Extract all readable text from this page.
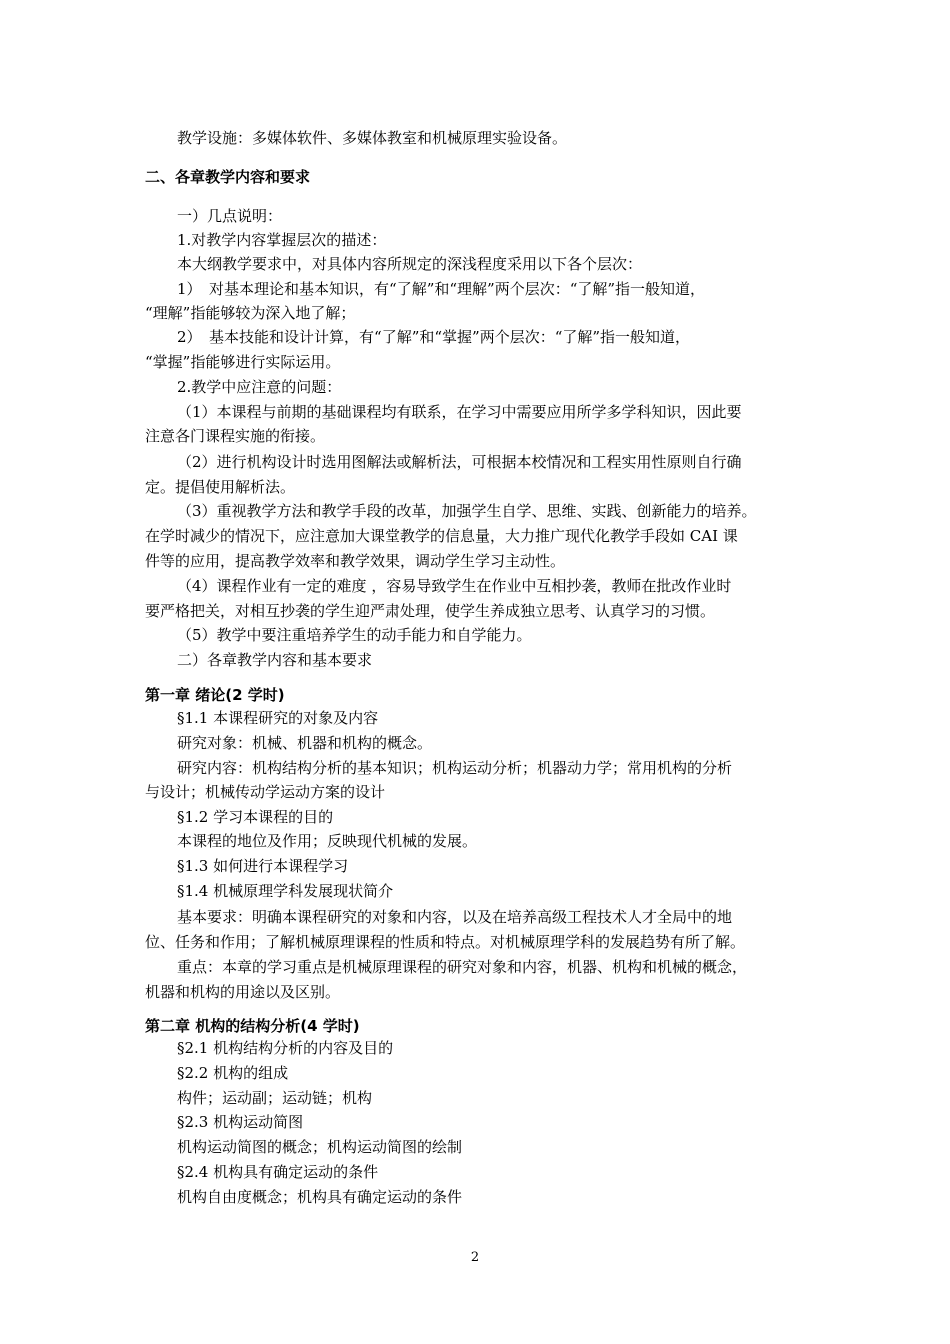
教学设施：多媒体软件、多媒体教室和机械原理实验设备。
二、各章教学内容和要求
一）几点说明：
1.对教学内容掌握层次的描述：
本大纲教学要求中，对具体内容所规定的深浅程度采用以下各个层次：
1）　对基本理论和基本知识，有“了解”和“理解”两个层次：“了解”指一般知道，
“理解”指能够较为深入地了解；
2）　基本技能和设计计算，有“了解”和“掌握”两个层次：“了解”指一般知道，
“掌握”指能够进行实际运用。
2.教学中应注意的问题：
（1）本课程与前期的基础课程均有联系，在学习中需要应用所学多学科知识，因此要
注意各门课程实施的衔接。
（2）进行机构设计时选用图解法或解析法，可根据本校情况和工程实用性原则自行确
定。提倡使用解析法。
（3）重视教学方法和教学手段的改革，加强学生自学、思维、实践、创新能力的培养。
在学时减少的情况下，应注意加大课堂教学的信息量，大力推广现代化教学手段如 CAI 课
件等的应用，提高教学效率和教学效果，调动学生学习主动性。
（4）课程作业有一定的难度 ，容易导致学生在作业中互相抄袭，教师在批改作业时
要严格把关，对相互抄袭的学生迎严肃处理，使学生养成独立思考、认真学习的习惯。
（5）教学中要注重培养学生的动手能力和自学能力。
二）各章教学内容和基本要求
第一章 绪论(2 学时)
§1.1 本课程研究的对象及内容
研究对象：机械、机器和机构的概念。
研究内容：机构结构分析的基本知识；机构运动分析；机器动力学；常用机构的分析
与设计；机械传动学运动方案的设计
§1.2 学习本课程的目的
本课程的地位及作用；反映现代机械的发展。
§1.3 如何进行本课程学习
§1.4 机械原理学科发展现状简介
基本要求：明确本课程研究的对象和内容，以及在培养高级工程技术人才全局中的地
位、任务和作用；了解机械原理课程的性质和特点。对机械原理学科的发展趋势有所了解。
重点：本章的学习重点是机械原理课程的研究对象和内容，机器、机构和机械的概念，
机器和机构的用途以及区别。
第二章 机构的结构分析(4 学时)
§2.1 机构结构分析的内容及目的
§2.2 机构的组成
构件；运动副；运动链；机构
§2.3 机构运动简图
机构运动简图的概念；机构运动简图的绘制
§2.4 机构具有确定运动的条件
机构自由度概念；机构具有确定运动的条件
2
